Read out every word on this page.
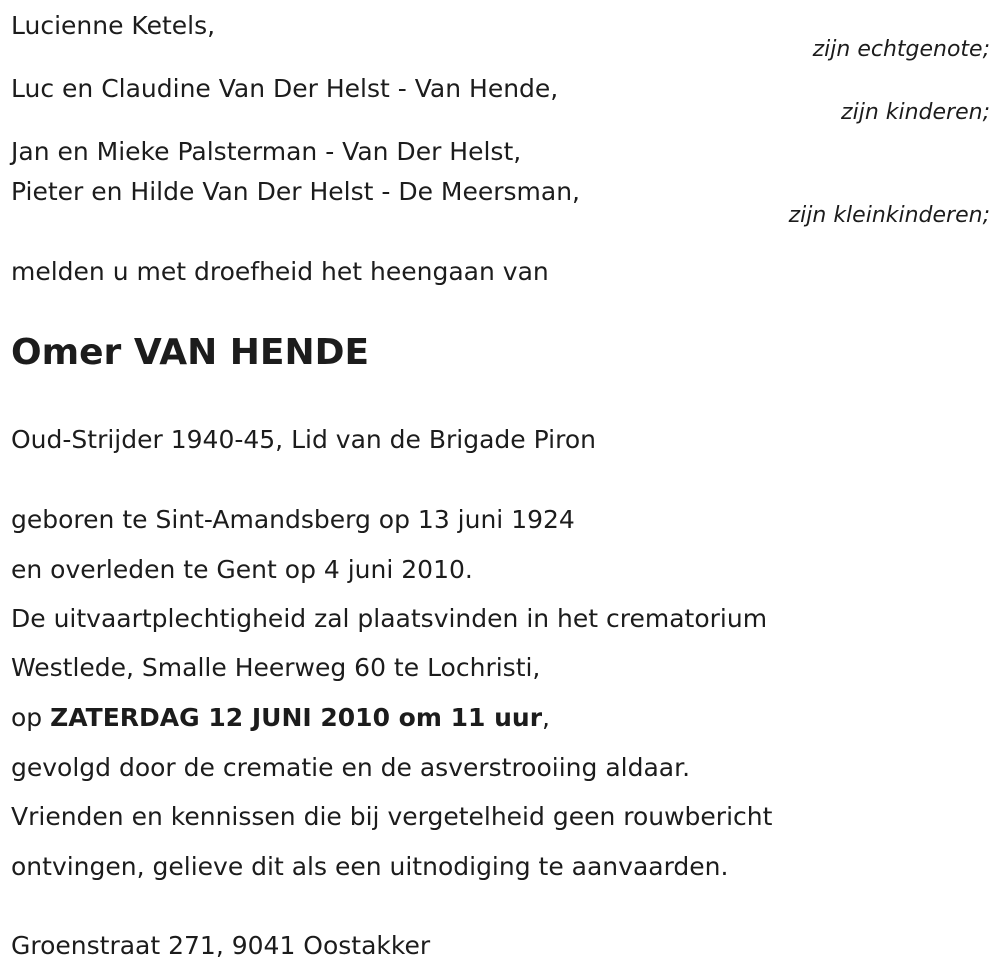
Lucienne Ketels,
zijn echtgenote;
Luc en Claudine Van Der Helst - Van Hende,
zijn kinderen;
Jan en Mieke Palsterman - Van Der Helst,
Pieter en Hilde Van Der Helst - De Meersman,
zijn kleinkinderen;
melden u met droefheid het heengaan van
Omer VAN HENDE
Oud-Strijder 1940-45, Lid van de Brigade Piron
geboren te Sint-Amandsberg op 13 juni 1924
en overleden te Gent op 4 juni 2010.
De uitvaartplechtigheid zal plaatsvinden in het crematorium
Westlede, Smalle Heerweg 60 te Lochristi,
op ZATERDAG 12 JUNI 2010 om 11 uur,
gevolgd door de crematie en de asverstrooiing aldaar.
Vrienden en kennissen die bij vergetelheid geen rouwbericht
ontvingen, gelieve dit als een uitnodiging te aanvaarden.
Groenstraat 271, 9041 Oostakker
